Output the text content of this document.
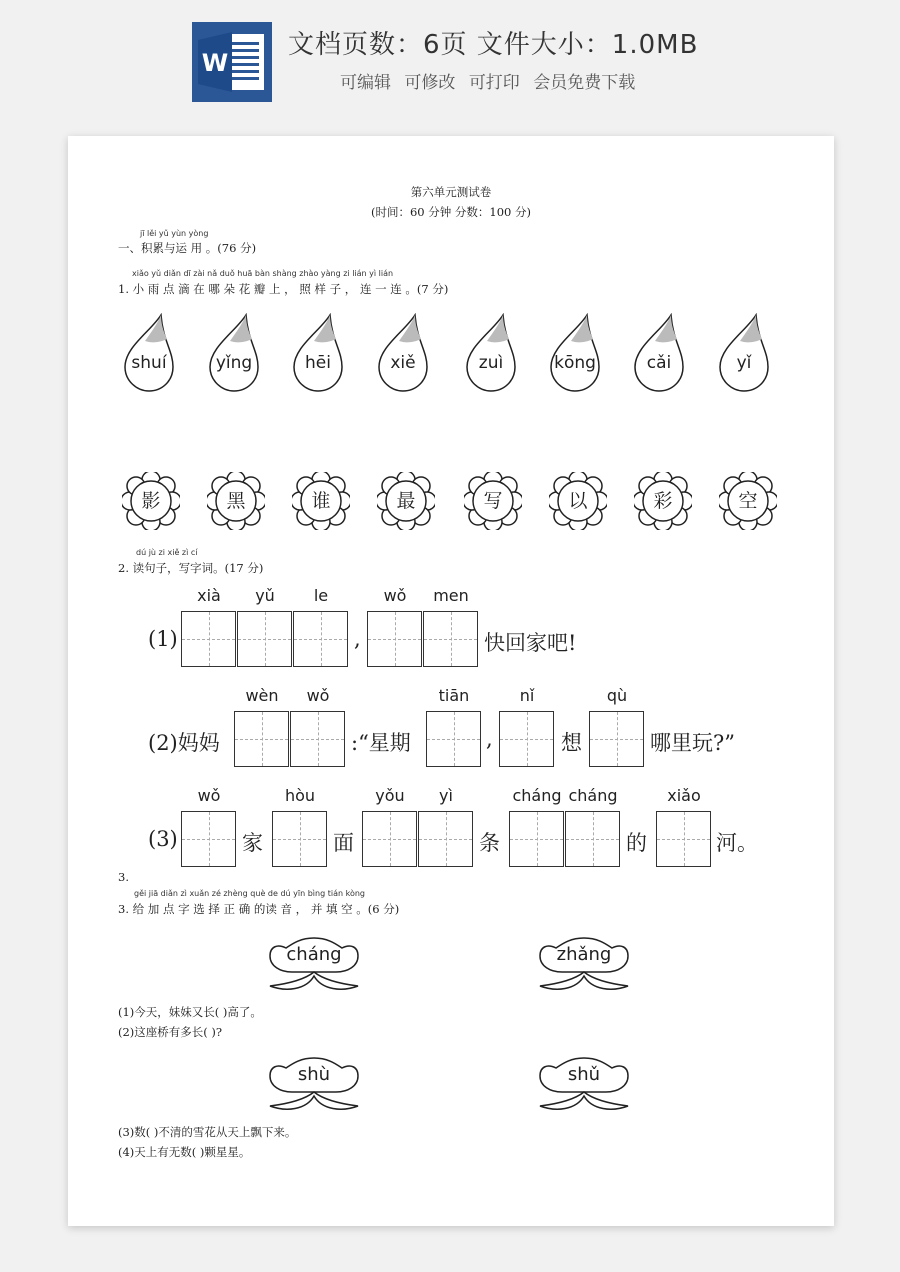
W
文档页数：6页 文件大小：1.0MB
可编辑 可修改 可打印 会员免费下载
第六单元测试卷
(时间：60 分钟 分数：100 分)
jī lěi yǔ yùn yòng
一、积累与运 用 。(76 分)
xiǎo yǔ diǎn dī zài nǎ duǒ huā bàn shàng zhào yàng zi lián yì lián
1. 小 雨 点 滴 在 哪 朵 花 瓣 上 ， 照 样 子 ， 连 一 连 。(7 分)
shuí	yǐng	hēi	xiě	zuì	kōng	cǎi	yǐ
影	黑	谁	最	写	以	彩	空
dú jù zi xiě zì cí
2. 读句子，写字词。(17 分)
(1)
xià	yǔ	le	wǒ	men
,	快回家吧!
(2)妈妈
wèn	wǒ	tiān	nǐ	qù
:“星期	,	想	哪里玩?”
(3)
wǒ	hòu	yǒu	yì	cháng cháng	xiǎo
家	面	条	的	河。
3.
gěi jiā diǎn zì xuǎn zé zhèng què de dú yīn bìng tián kòng
3. 给 加 点 字 选 择 正 确 的读 音 ， 并 填 空 。(6 分)
cháng	zhǎng
(1)今天，妹妹又长( )高了。
(2)这座桥有多长( )?
shù	shǔ
(3)数( )不清的雪花从天上飘下来。
(4)天上有无数( )颗星星。
